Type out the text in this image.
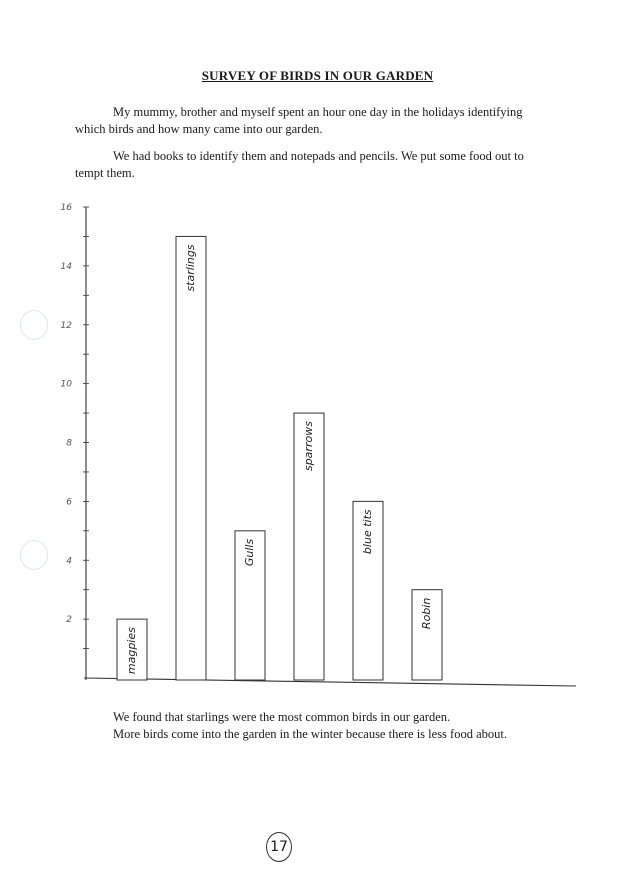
SURVEY OF BIRDS IN OUR GARDEN
My mummy, brother and myself spent an hour one day in the holidays identifying which birds and how many came into our garden.
We had books to identify them and notepads and pencils. We put some food out to tempt them.
2
4
6
8
10
12
14
16
magpies
starlings
Gulls
sparrows
blue tits
Robin
We found that starlings were the most common birds in our garden.
More birds come into the garden in the winter because there is less food about.
17
